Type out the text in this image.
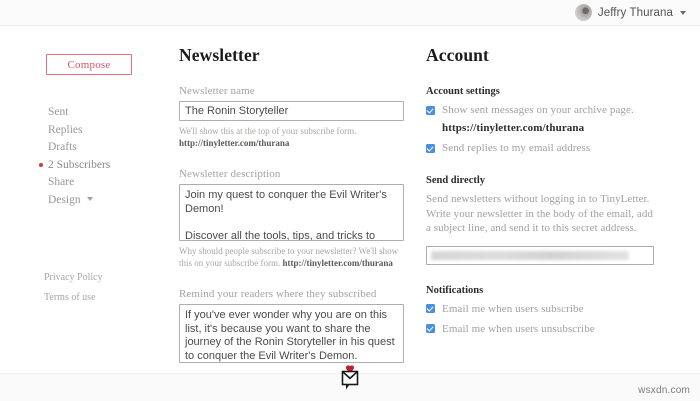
Jeffry Thurana
Compose
Sent
Replies
Drafts
2 Subscribers
Share
Design
Privacy Policy
Terms of use
Newsletter
Newsletter name
The Ronin Storyteller
We'll show this at the top of your subscribe form.
http://tinyletter.com/thurana
Newsletter description
Join my quest to conquer the Evil Writer's Demon! Discover all the tools, tips, and tricks to help you
Why should people subscribe to your newsletter? We'll show this on your subscribe form. http://tinyletter.com/thurana
Remind your readers where they subscribed
If you've ever wonder why you are on this list, it's because you want to share the journey of the Ronin Storyteller in his quest to conquer the Evil Writer's Demon.
Account
Account settings
Show sent messages on your archive page.
https://tinyletter.com/thurana
Send replies to my email address
Send directly
Send newsletters without logging in to TinyLetter. Write your newsletter in the body of the email, add a subject line, and send it to this secret address.
Notifications
Email me when users subscribe
Email me when users unsubscribe
wsxdn.com
